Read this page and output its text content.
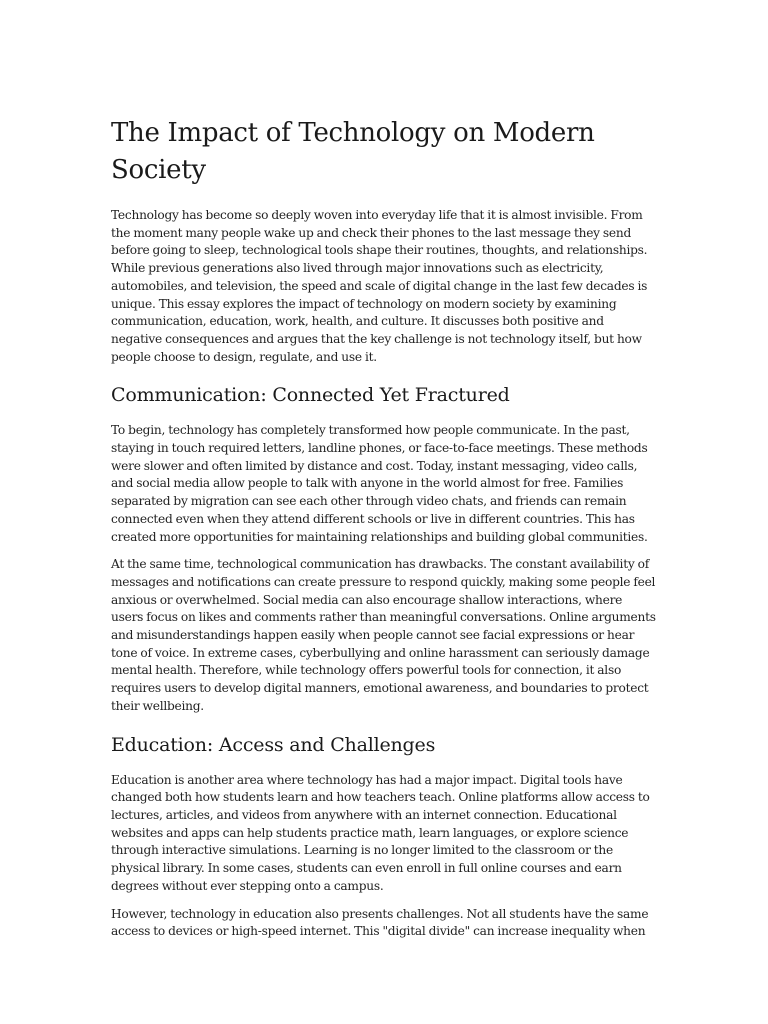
The Impact of Technology on Modern Society

Technology has become so deeply woven into everyday life that it is almost invisible. From the moment many people wake up and check their phones to the last message they send before going to sleep, technological tools shape their routines, thoughts, and relationships. While previous generations also lived through major innovations such as electricity, automobiles, and television, the speed and scale of digital change in the last few decades is unique. This essay explores the impact of technology on modern society by examining communication, education, work, health, and culture. It discusses both positive and negative consequences and argues that the key challenge is not technology itself, but how people choose to design, regulate, and use it.

Communication: Connected Yet Fractured

To begin, technology has completely transformed how people communicate. In the past, staying in touch required letters, landline phones, or face-to-face meetings. These methods were slower and often limited by distance and cost. Today, instant messaging, video calls, and social media allow people to talk with anyone in the world almost for free. Families separated by migration can see each other through video chats, and friends can remain connected even when they attend different schools or live in different countries. This has created more opportunities for maintaining relationships and building global communities.

At the same time, technological communication has drawbacks. The constant availability of messages and notifications can create pressure to respond quickly, making some people feel anxious or overwhelmed. Social media can also encourage shallow interactions, where users focus on likes and comments rather than meaningful conversations. Online arguments and misunderstandings happen easily when people cannot see facial expressions or hear tone of voice. In extreme cases, cyberbullying and online harassment can seriously damage mental health. Therefore, while technology offers powerful tools for connection, it also requires users to develop digital manners, emotional awareness, and boundaries to protect their wellbeing.

Education: Access and Challenges

Education is another area where technology has had a major impact. Digital tools have changed both how students learn and how teachers teach. Online platforms allow access to lectures, articles, and videos from anywhere with an internet connection. Educational websites and apps can help students practice math, learn languages, or explore science through interactive simulations. Learning is no longer limited to the classroom or the physical library. In some cases, students can even enroll in full online courses and earn degrees without ever stepping onto a campus.

However, technology in education also presents challenges. Not all students have the same access to devices or high-speed internet. This "digital divide" can increase inequality when
